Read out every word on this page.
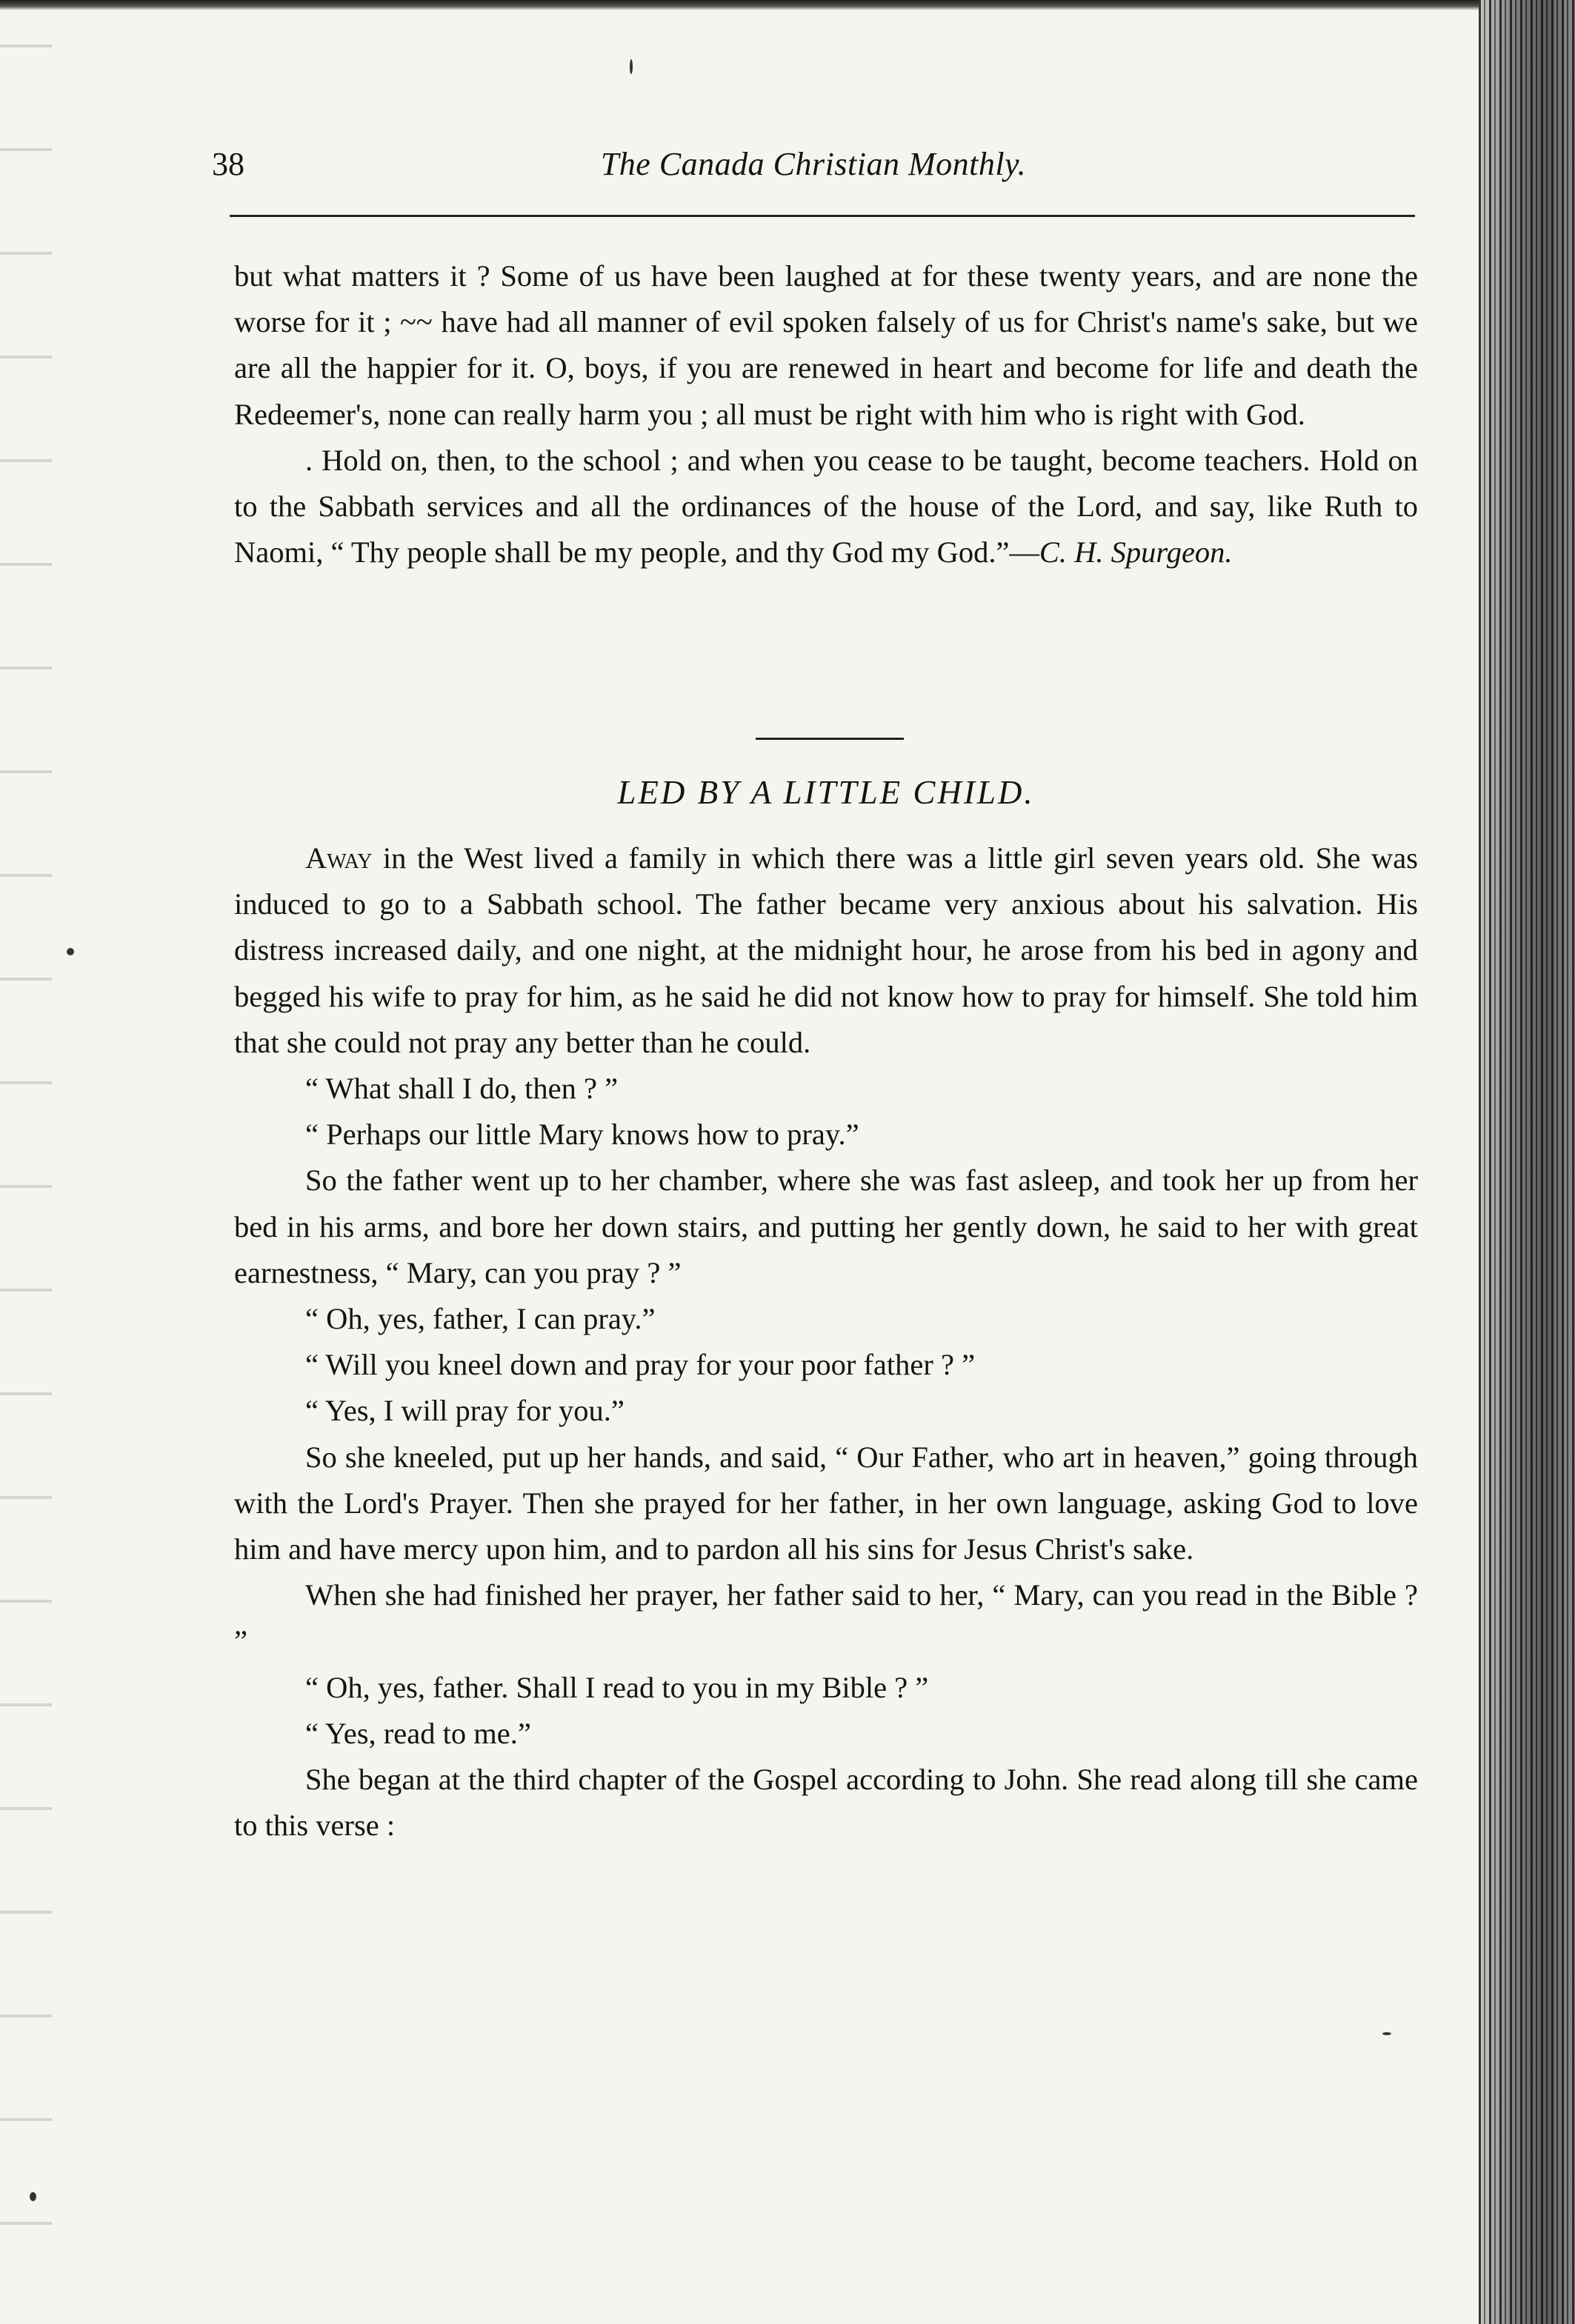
38	The Canada Christian Monthly.

but what matters it ? Some of us have been laughed at for these twenty years, and are none the worse for it ; ~~ have had all manner of evil spoken falsely of us for Christ's name's sake, but we are all the happier for it. O, boys, if you are renewed in heart and become for life and death the Redeemer's, none can really harm you ; all must be right with him who is right with God.

. Hold on, then, to the school ; and when you cease to be taught, become teachers. Hold on to the Sabbath services and all the ordinances of the house of the Lord, and say, like Ruth to Naomi, “ Thy people shall be my people, and thy God my God.”—C. H. Spurgeon.

LED BY A LITTLE CHILD.

Away in the West lived a family in which there was a little girl seven years old. She was induced to go to a Sabbath school. The father became very anxious about his salvation. His distress increased daily, and one night, at the midnight hour, he arose from his bed in agony and begged his wife to pray for him, as he said he did not know how to pray for himself. She told him that she could not pray any better than he could.

“ What shall I do, then ? ”

“ Perhaps our little Mary knows how to pray.”

So the father went up to her chamber, where she was fast asleep, and took her up from her bed in his arms, and bore her down stairs, and putting her gently down, he said to her with great earnestness, “ Mary, can you pray ? ”

“ Oh, yes, father, I can pray.”

“ Will you kneel down and pray for your poor father ? ”

“ Yes, I will pray for you.”

So she kneeled, put up her hands, and said, “ Our Father, who art in heaven,” going through with the Lord's Prayer. Then she prayed for her father, in her own language, asking God to love him and have mercy upon him, and to pardon all his sins for Jesus Christ's sake.

When she had finished her prayer, her father said to her, “ Mary, can you read in the Bible ? ”

“ Oh, yes, father. Shall I read to you in my Bible ? ”

“ Yes, read to me.”

She began at the third chapter of the Gospel according to John. She read along till she came to this verse :
